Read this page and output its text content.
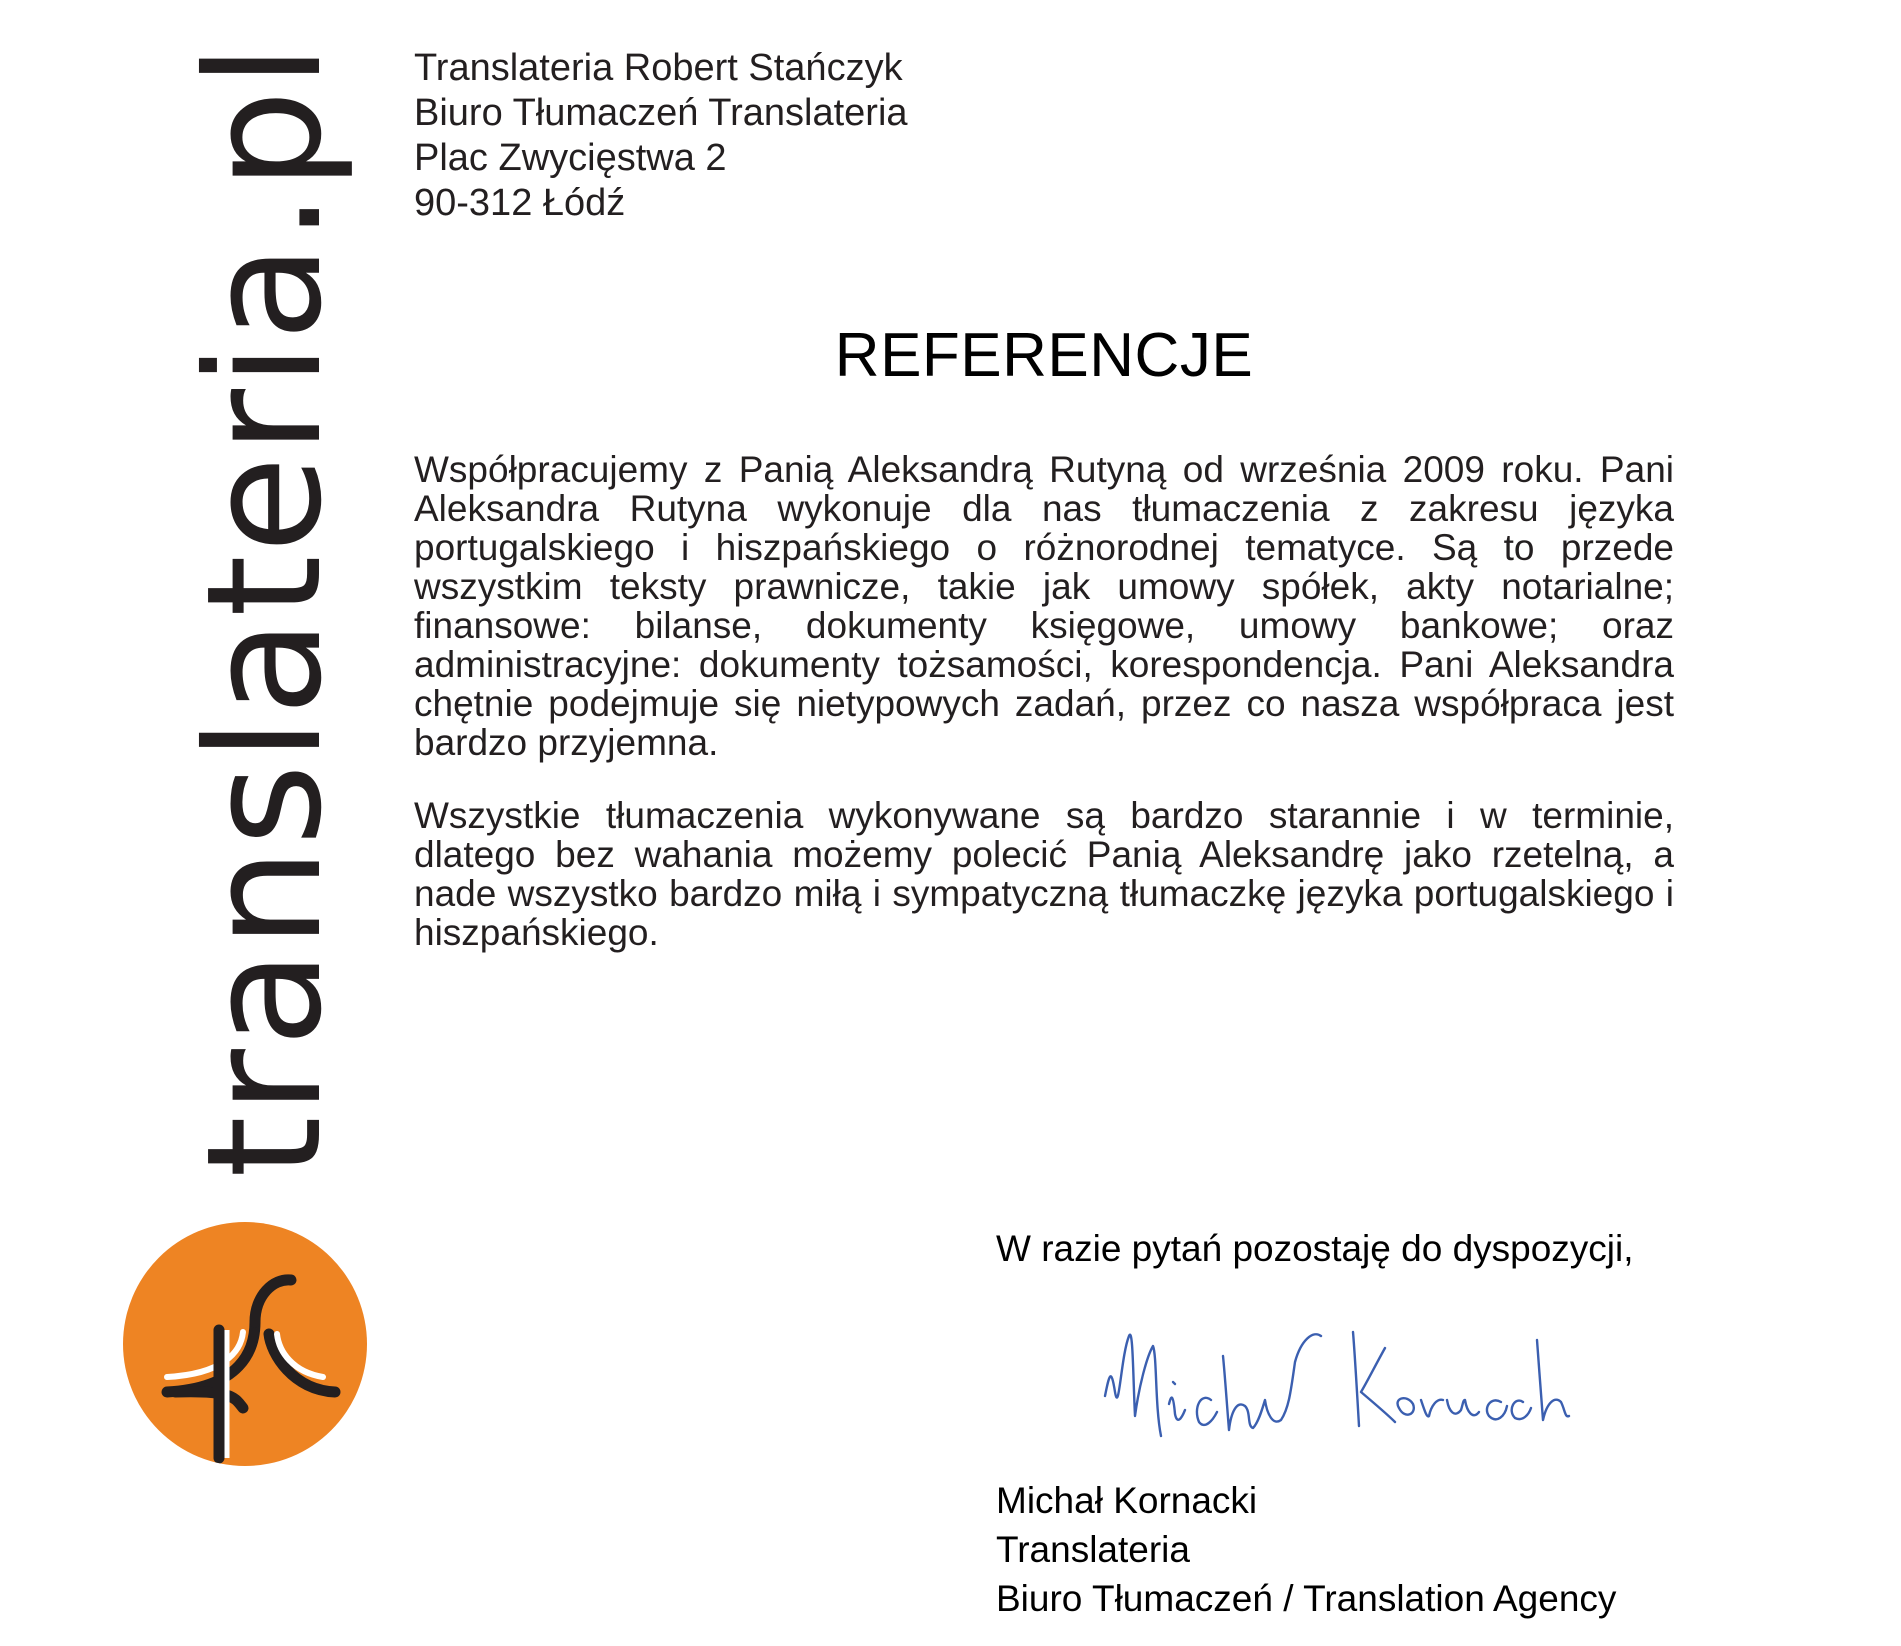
translateria.pl Translateria Robert Stańczyk
Biuro Tłumaczeń Translateria
Plac Zwycięstwa 2
90-312 Łódź
REFERENCJE
Współpracujemy z Panią Aleksandrą Rutyną od września 2009 roku. Pani Aleksandra Rutyna wykonuje dla nas tłumaczenia z zakresu języka portugalskiego i hiszpańskiego o różnorodnej tematyce. Są to przede wszystkim teksty prawnicze, takie jak umowy spółek, akty notarialne; finansowe: bilanse, dokumenty księgowe, umowy bankowe; oraz administracyjne: dokumenty tożsamości, korespondencja. Pani Aleksandra chętnie podejmuje się nietypowych zadań, przez co nasza współpraca jest bardzo przyjemna.
Wszystkie tłumaczenia wykonywane są bardzo starannie i w terminie, dlatego bez wahania możemy polecić Panią Aleksandrę jako rzetelną, a nade wszystko bardzo miłą i sympatyczną tłumaczkę języka portugalskiego i hiszpańskiego.
W razie pytań pozostaję do dyspozycji,
Michał Kornacki
Translateria
Biuro Tłumaczeń / Translation Agency
